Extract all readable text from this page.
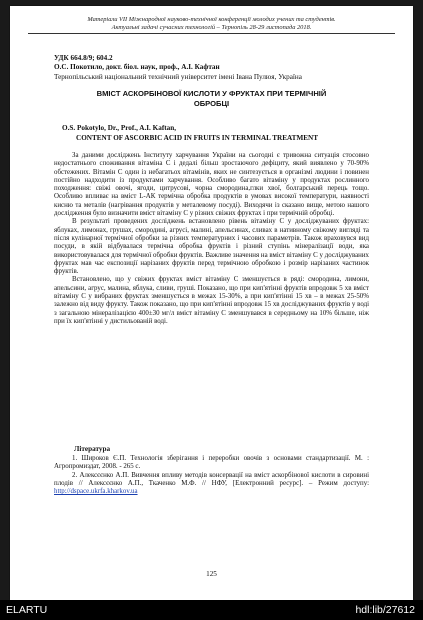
Матеріали VII Міжнародної науково-технічної конференції молодих учених та студентів.
Актуальні задачі сучасних технологій – Тернопіль 28-29 листопада 2018.
УДК 664.8/9; 604.2
О.С. Покотило, докт. біол. наук, проф., А.І. Кафтан
Тернопільський національний технічний університет імені Івана Пулюя, Україна
ВМІСТ АСКОРБІНОВОЇ КИСЛОТИ У ФРУКТАХ ПРИ ТЕРМІЧНІЙ ОБРОБЦІ
O.S. Pokotylo, Dr., Prof., A.I. Kaftan,
CONTENT OF ASCORBIC ACID IN FRUITS IN TERMINAL TREATMENT

За даними досліджень Інституту харчування України на сьогодні є тривожна ситуація стосовно недостатнього споживання вітаміна С і дедалі більш зростаючого дефіциту, який виявлено у 70-90% обстежених. Вітамін С один із небагатьох вітамінів, яких не синтезується в організмі людини і повинен постійно надходити із продуктами харчування. Особливо багато вітаміну у продуктах рослинного походження: свіжі овочі, ягоди, цитрусові, чорна смородина,глки хвої, болгарський перець тощо. Особливо впливає на вміст L-АК термічна обробка продуктів в умовах високої температури, наявності кисню та металів (нагрівання продуктів у металевому посуді). Виходячи із сказано вище, метою нашого дослідження було визначити вміст вітаміну С у різних свіжих фруктах і при термічній обробці.

В результаті проведених досліджень встановлено рівень вітаміну С у досліджуваних фруктах: яблуках, лимонах, грушах, смородині, агрусі, малині, апельсинах, сливах в нативному свіжому вигляді та після кулінарної термічної обробки за різних температурних і часових параметрів. Також враховувся вид посуди, в якій відбувалася термічна обробка фруктів і різний ступінь мінералізації води, яка використовувалася для термічної обробки фруктів. Важливе значення на вміст вітаміну С у досліджуваних фруктах мав час експозиції нарізаних фруктів перед термічною обробкою і розмір нарізаних частинок фруктів.

Встановлено, що у свіжих фруктах вміст вітаміну С зменшується в ряді: смородина, лимони, апельсини, агрус, малина, яблука, сливи, груші. Показано, що при кип'ятінні фруктів впродовж 5 хв вміст вітаміну С у вибраних фруктах зменшується в межах 15-30%, а при кип'ятінні 15 хв – в межах 25-50% залежно від виду фрукту. Також показано, що при кип'ятінні впродовж 15 хв досліджуваних фруктів у воді з загальною мінералізацією 400±30 мг/л вміст вітаміну С зменшувався в середньому на 10% більше, ніж при їх кип'ятінні у дистильованій воді.

Література

1. Широков Є.П. Технологія зберігання і переробки овочів з основами стандартизації. М. : Агропромиздат, 2008. - 265 с.

2. Алексєєнко А.П. Вивчення впливу методів консервації на вміст аскорбінової кислоти в сировині плодів // Алексєєнко А.П., Ткаченко М.Ф. // НФУ, [Електронний ресурс]. – Режим доступу: http://dspace.ukrfa.kharkov.ua

125
ELARTU	hdl:lib/27612
